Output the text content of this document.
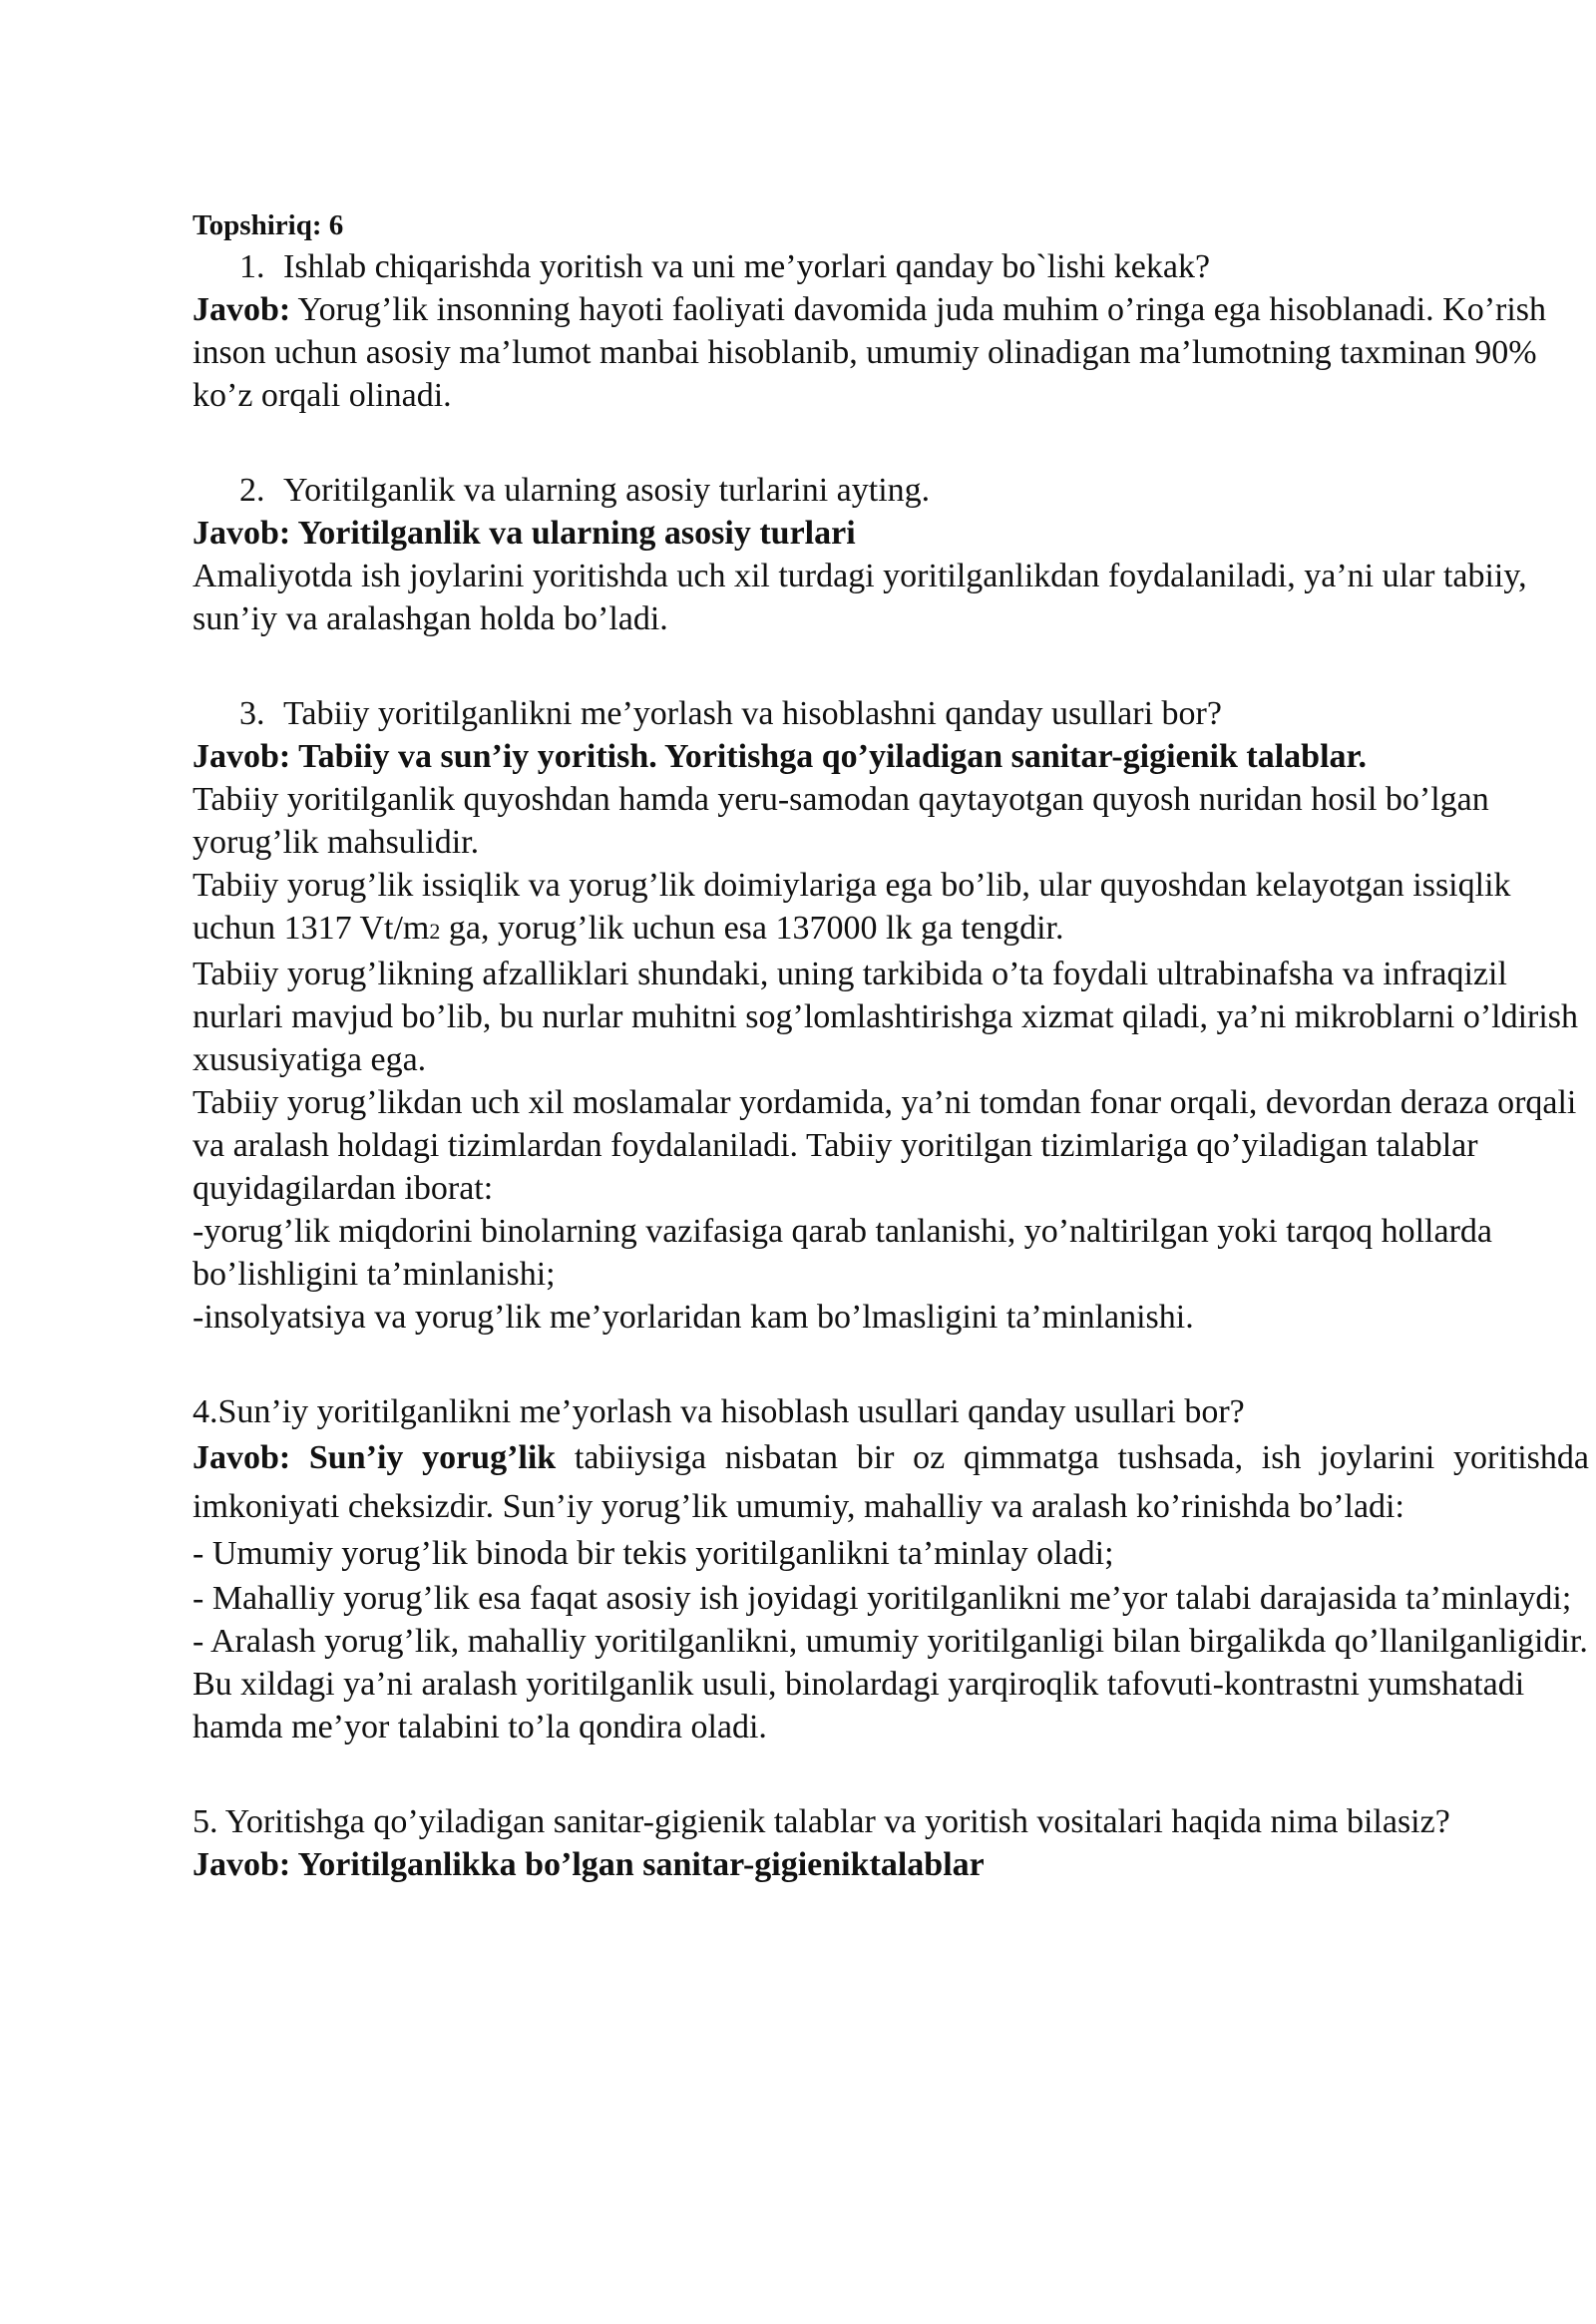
Topshiriq: 6

1. Ishlab chiqarishda yoritish va uni me’yorlari qanday bo`lishi kekak?

Javob: Yorug’lik insonning hayoti faoliyati davomida juda muhim o’ringa ega hisoblanadi. Ko’rish inson uchun asosiy ma’lumot manbai hisoblanib, umumiy olinadigan ma’lumotning taxminan 90% ko’z orqali olinadi.

2. Yoritilganlik va ularning asosiy turlarini ayting.

Javob: Yoritilganlik va ularning asosiy turlari

Amaliyotda ish joylarini yoritishda uch xil turdagi yoritilganlikdan foydalaniladi, ya’ni ular tabiiy, sun’iy va aralashgan holda bo’ladi.

3. Tabiiy yoritilganlikni me’yorlash va hisoblashni qanday usullari bor?

Javob: Tabiiy va sun’iy yoritish. Yoritishga qo’yiladigan sanitar-gigienik talablar.

Tabiiy yoritilganlik quyoshdan hamda yeru-samodan qaytayotgan quyosh nuridan hosil bo’lgan yorug’lik mahsulidir.

Tabiiy yorug’lik issiqlik va yorug’lik doimiylariga ega bo’lib, ular quyoshdan kelayotgan issiqlik uchun 1317 Vt/m2 ga, yorug’lik uchun esa 137000 lk ga tengdir.

Tabiiy yorug’likning afzalliklari shundaki, uning tarkibida o’ta foydali ultrabinafsha va infraqizil nurlari mavjud bo’lib, bu nurlar muhitni sog’lomlashtirishga xizmat qiladi, ya’ni mikroblarni o’ldirish xususiyatiga ega.

Tabiiy yorug’likdan uch xil moslamalar yordamida, ya’ni tomdan fonar orqali, devordan deraza orqali va aralash holdagi tizimlardan foydalaniladi. Tabiiy yoritilgan tizimlariga qo’yiladigan talablar quyidagilardan iborat:

-yorug’lik miqdorini binolarning vazifasiga qarab tanlanishi, yo’naltirilgan yoki tarqoq hollarda bo’lishligini ta’minlanishi;

-insolyatsiya va yorug’lik me’yorlaridan kam bo’lmasligini ta’minlanishi.

4.Sun’iy yoritilganlikni me’yorlash va hisoblash usullari qanday usullari bor?

Javob: Sun’iy yorug’lik tabiiysiga nisbatan bir oz qimmatga tushsada, ish joylarini yoritishda imkoniyati cheksizdir. Sun’iy yorug’lik umumiy, mahalliy va aralash ko’rinishda bo’ladi:

- Umumiy yorug’lik binoda bir tekis yoritilganlikni ta’minlay oladi;

- Mahalliy yorug’lik esa faqat asosiy ish joyidagi yoritilganlikni me’yor talabi darajasida ta’minlaydi;

- Aralash yorug’lik, mahalliy yoritilganlikni, umumiy yoritilganligi bilan birgalikda qo’llanilganligidir.

Bu xildagi ya’ni aralash yoritilganlik usuli, binolardagi yarqiroqlik tafovuti-kontrastni yumshatadi hamda me’yor talabini to’la qondira oladi.

5. Yoritishga qo’yiladigan sanitar-gigienik talablar va yoritish vositalari haqida nima bilasiz?

Javob: Yoritilganlikka bo’lgan sanitar-gigieniktalablar
